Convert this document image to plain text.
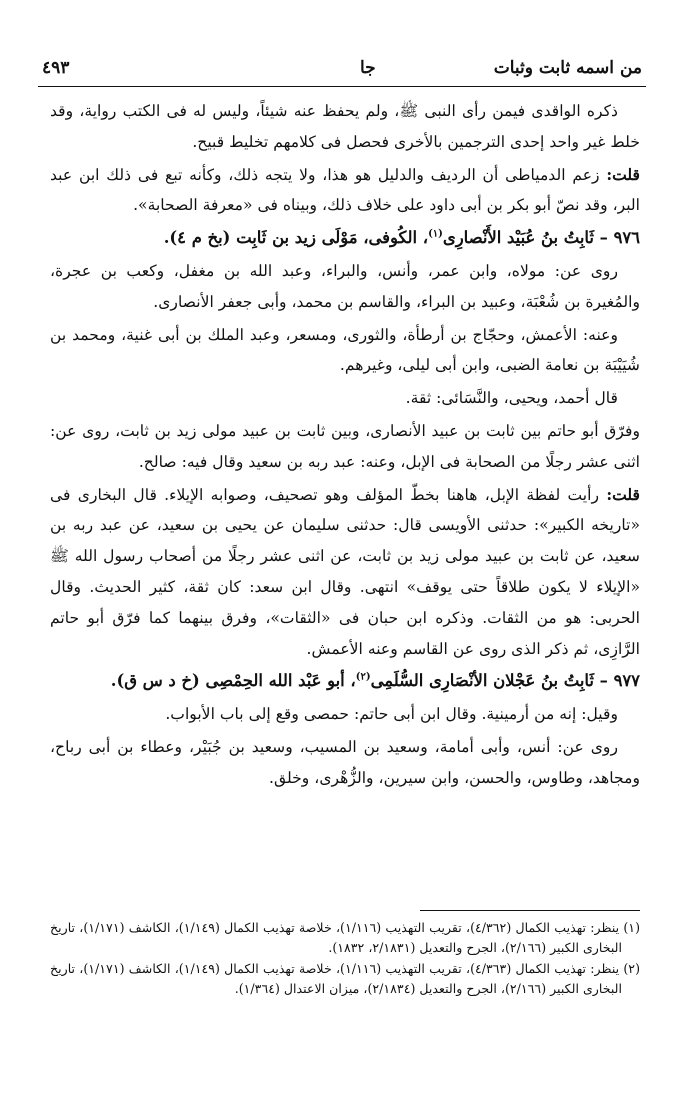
من اسمه ثابت وثبات
جا
٤٩٣

ذكره الواقدى فيمن رأى النبى ﷺ، ولم يحفظ عنه شيئاً، وليس له فى الكتب رواية، وقد خلط غير واحد إحدى الترجمين بالأخرى فحصل فى كلامهم تخليط قبيح.

قلت: زعم الدمياطى أن الرديف والدليل هو هذا، ولا يتجه ذلك، وكأنه تبع فى ذلك ابن عبد البر، وقد نصّ أبو بكر بن أبى داود على خلاف ذلك، وبيناه فى «معرفة الصحابة».

٩٧٦ – ثَابِتُ بنُ عُبَيْد الأَنْصارِى$^{(١)}$، الكُوفى، مَوْلَى زيد بن ثَابِت (بخ م ٤).

روى عن: مولاه، وابن عمر، وأنس، والبراء، وعبد الله بن مغفل، وكعب بن عجرة، والمُغيرة بن شُعْبَة، وعبيد بن البراء، والقاسم بن محمد، وأبى جعفر الأنصارى.

وعنه: الأعمش، وحجّاج بن أرطأة، والثورى، ومسعر، وعبد الملك بن أبى غنية، ومحمد بن شُيَيْبَة بن نعامة الضبى، وابن أبى ليلى، وغيرهم.

قال أحمد، ويحيى، والنَّسَائى: ثقة.

وفرّق أبو حاتم بين ثابت بن عبيد الأنصارى، وبين ثابت بن عبيد مولى زيد بن ثابت، روى عن: اثنى عشر رجلًا من الصحابة فى الإبل، وعنه: عبد ربه بن سعيد وقال فيه: صالح.

قلت: رأيت لفظة الإبل، هاهنا بخطّ المؤلف وهو تصحيف، وصوابه الإيلاء. قال البخارى فى «تاريخه الكبير»: حدثنى الأويسى قال: حدثنى سليمان عن يحيى بن سعيد، عن عبد ربه بن سعيد، عن ثابت بن عبيد مولى زيد بن ثابت، عن اثنى عشر رجلًا من أصحاب رسول الله ﷺ «الإيلاء لا يكون طلاقاً حتى يوقف» انتهى. وقال ابن سعد: كان ثقة، كثير الحديث. وقال الحربى: هو من الثقات. وذكره ابن حبان فى «الثقات»، وفرق بينهما كما فرّق أبو حاتم الرَّازِى، ثم ذكر الذى روى عن القاسم وعنه الأعمش.

٩٧٧ – ثَابِتُ بنُ عَجْلان الأنْصَارِى السُّلَمِى$^{(٢)}$، أبو عَبْد الله الحِمْصِى (خ د س ق).

وقيل: إنه من أرمينية. وقال ابن أبى حاتم: حمصى وقع إلى باب الأبواب.

روى عن: أنس، وأبى أمامة، وسعيد بن المسيب، وسعيد بن جُبَيْر، وعطاء بن أبى رباح، ومجاهد، وطاوس، والحسن، وابن سيرين، والزُّهْرى، وخلق.

(١) ينظر: تهذيب الكمال (٤/٣٦٢)، تقريب التهذيب (١/١١٦)، خلاصة تهذيب الكمال (١/١٤٩)، الكاشف (١/١٧١)، تاريخ البخارى الكبير (٢/١٦٦)، الجرح والتعديل (٢/١٨٣١، ١٨٣٢).

(٢) ينظر: تهذيب الكمال (٤/٣٦٣)، تقريب التهذيب (١/١١٦)، خلاصة تهذيب الكمال (١/١٤٩)، الكاشف (١/١٧١)، تاريخ البخارى الكبير (٢/١٦٦)، الجرح والتعديل (٢/١٨٣٤)، ميزان الاعتدال (١/٣٦٤).
